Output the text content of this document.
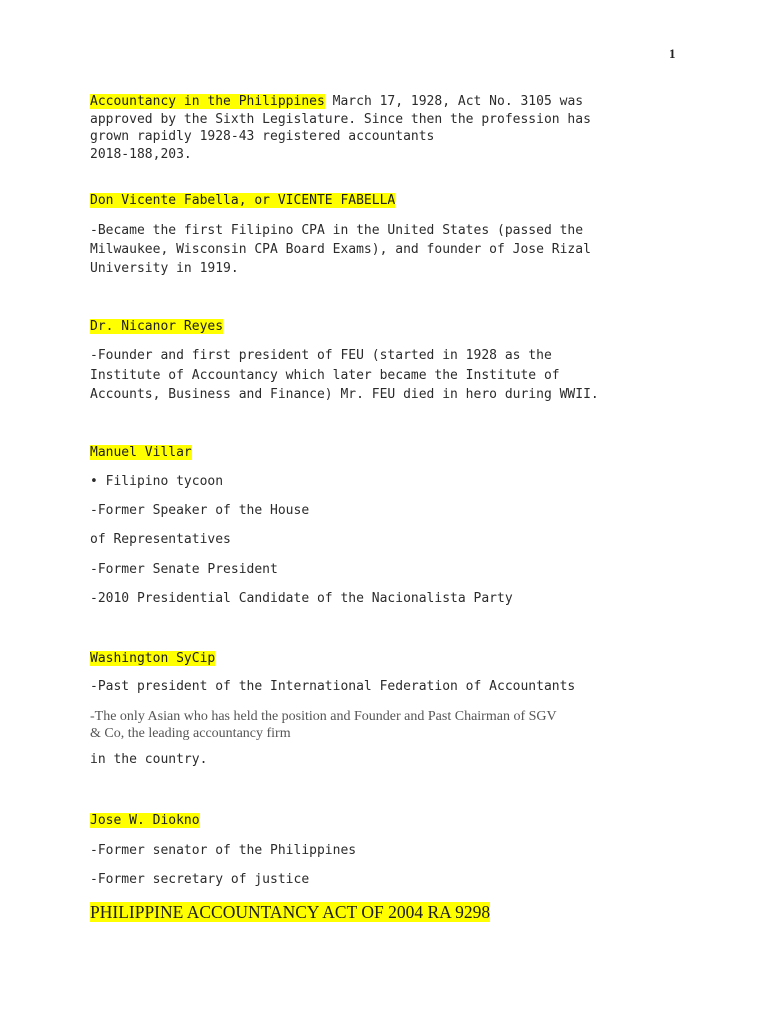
1
Accountancy in the Philippines March 17, 1928, Act No. 3105 was
approved by the Sixth Legislature. Since then the profession has
grown rapidly 1928-43 registered accountants
2018-188,203.
Don Vicente Fabella, or VICENTE FABELLA
-Became the first Filipino CPA in the United States (passed the
Milwaukee, Wisconsin CPA Board Exams), and founder of Jose Rizal
University in 1919.
Dr. Nicanor Reyes
-Founder and first president of FEU (started in 1928 as the
Institute of Accountancy which later became the Institute of
Accounts, Business and Finance) Mr. FEU died in hero during WWII.
Manuel Villar
• Filipino tycoon
-Former Speaker of the House
of Representatives
-Former Senate President
-2010 Presidential Candidate of the Nacionalista Party
Washington SyCip
-Past president of the International Federation of Accountants
-The only Asian who has held the position and Founder and Past Chairman of SGV
& Co, the leading accountancy firm
in the country.
Jose W. Diokno
-Former senator of the Philippines
-Former secretary of justice
PHILIPPINE ACCOUNTANCY ACT OF 2004 RA 9298
